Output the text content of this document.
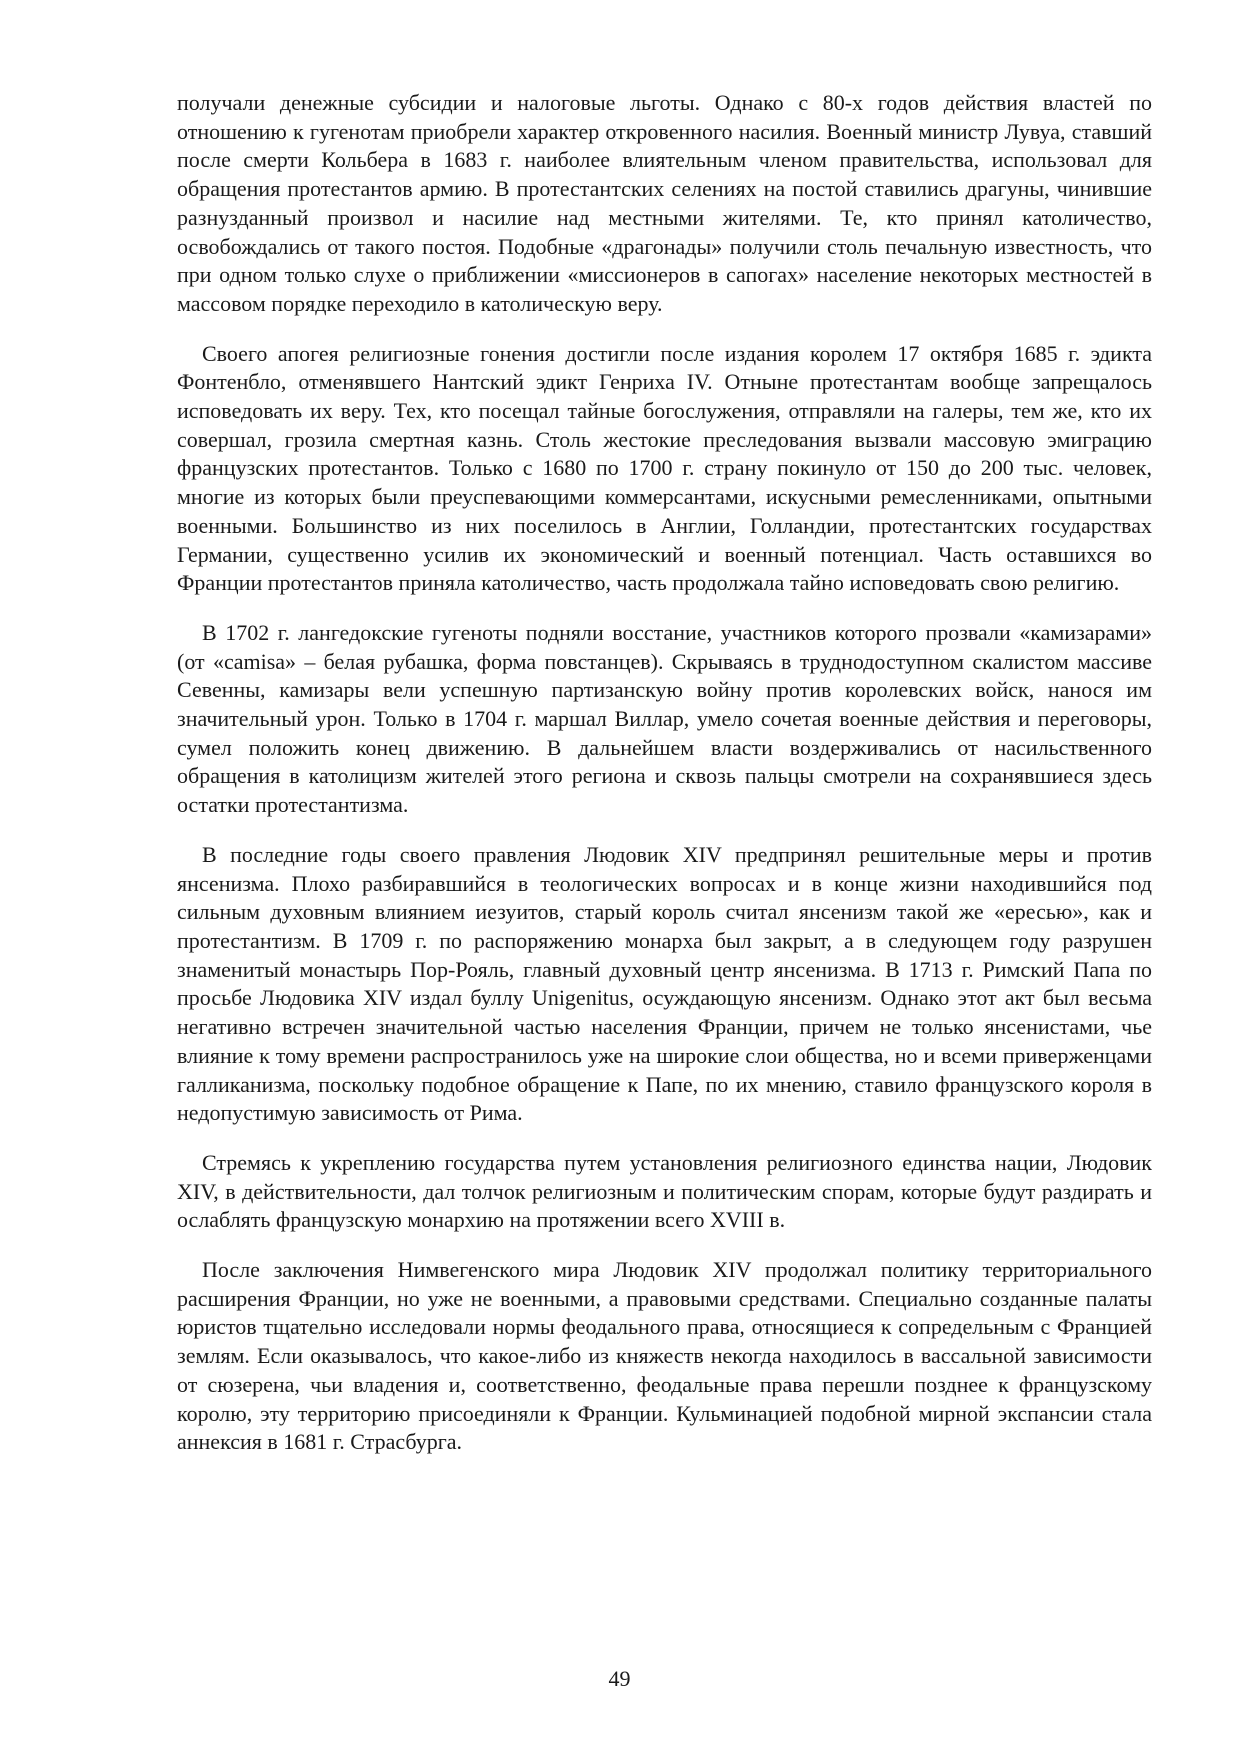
получали денежные субсидии и налоговые льготы. Однако с 80-х годов действия властей по отношению к гугенотам приобрели характер откровенного насилия. Военный министр Лувуа, ставший после смерти Кольбера в 1683 г. наиболее влиятельным членом правительства, использовал для обращения протестантов армию. В протестантских селениях на постой ставились драгуны, чинившие разнузданный произвол и насилие над местными жителями. Те, кто принял католичество, освобождались от такого постоя. Подобные «драгонады» получили столь печальную известность, что при одном только слухе о приближении «миссионеров в сапогах» население некоторых местностей в массовом порядке переходило в католическую веру.

Своего апогея религиозные гонения достигли после издания королем 17 октября 1685 г. эдикта Фонтенбло, отменявшего Нантский эдикт Генриха IV. Отныне протестантам вообще запрещалось исповедовать их веру. Тех, кто посещал тайные богослужения, отправляли на галеры, тем же, кто их совершал, грозила смертная казнь. Столь жестокие преследования вызвали массовую эмиграцию французских протестантов. Только с 1680 по 1700 г. страну покинуло от 150 до 200 тыс. человек, многие из которых были преуспевающими коммерсантами, искусными ремесленниками, опытными военными. Большинство из них поселилось в Англии, Голландии, протестантских государствах Германии, существенно усилив их экономический и военный потенциал. Часть оставшихся во Франции протестантов приняла католичество, часть продолжала тайно исповедовать свою религию.

В 1702 г. лангедокские гугеноты подняли восстание, участников которого прозвали «камизарами» (от «camisa» – белая рубашка, форма повстанцев). Скрываясь в труднодоступном скалистом массиве Севенны, камизары вели успешную партизанскую войну против королевских войск, нанося им значительный урон. Только в 1704 г. маршал Виллар, умело сочетая военные действия и переговоры, сумел положить конец движению. В дальнейшем власти воздерживались от насильственного обращения в католицизм жителей этого региона и сквозь пальцы смотрели на сохранявшиеся здесь остатки протестантизма.

В последние годы своего правления Людовик XIV предпринял решительные меры и против янсенизма. Плохо разбиравшийся в теологических вопросах и в конце жизни находившийся под сильным духовным влиянием иезуитов, старый король считал янсенизм такой же «ересью», как и протестантизм. В 1709 г. по распоряжению монарха был закрыт, а в следующем году разрушен знаменитый монастырь Пор-Рояль, главный духовный центр янсенизма. В 1713 г. Римский Папа по просьбе Людовика XIV издал буллу Unigenitus, осуждающую янсенизм. Однако этот акт был весьма негативно встречен значительной частью населения Франции, причем не только янсенистами, чье влияние к тому времени распространилось уже на широкие слои общества, но и всеми приверженцами галликанизма, поскольку подобное обращение к Папе, по их мнению, ставило французского короля в недопустимую зависимость от Рима.

Стремясь к укреплению государства путем установления религиозного единства нации, Людовик XIV, в действительности, дал толчок религиозным и политическим спорам, которые будут раздирать и ослаблять французскую монархию на протяжении всего XVIII в.

После заключения Нимвегенского мира Людовик XIV продолжал политику территориального расширения Франции, но уже не военными, а правовыми средствами. Специально созданные палаты юристов тщательно исследовали нормы феодального права, относящиеся к сопредельным с Францией землям. Если оказывалось, что какое-либо из княжеств некогда находилось в вассальной зависимости от сюзерена, чьи владения и, соответственно, феодальные права перешли позднее к французскому королю, эту территорию присоединяли к Франции. Кульминацией подобной мирной экспансии стала аннексия в 1681 г. Страсбурга.

49
